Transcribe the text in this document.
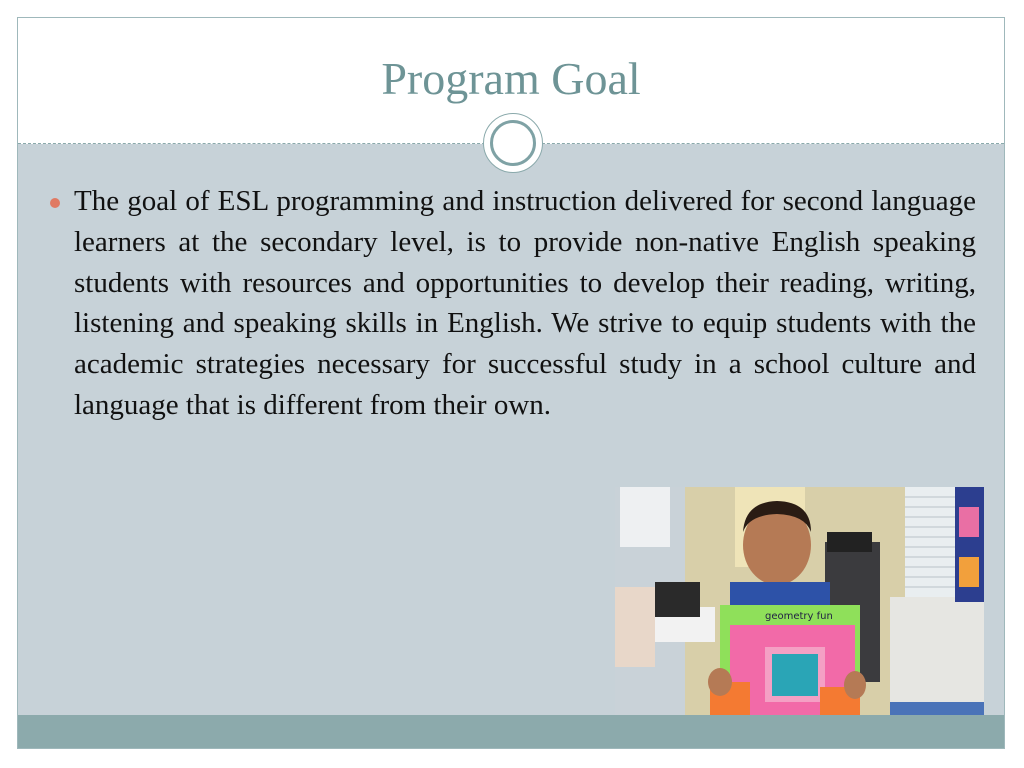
Program Goal
The goal of ESL programming and instruction delivered for second language learners at the secondary level, is to provide non-native English speaking students with resources and opportunities to develop their reading, writing, listening and speaking skills in English. We strive to equip students with the academic strategies necessary for successful study in a school culture and language that is different from their own.
geometry fun
